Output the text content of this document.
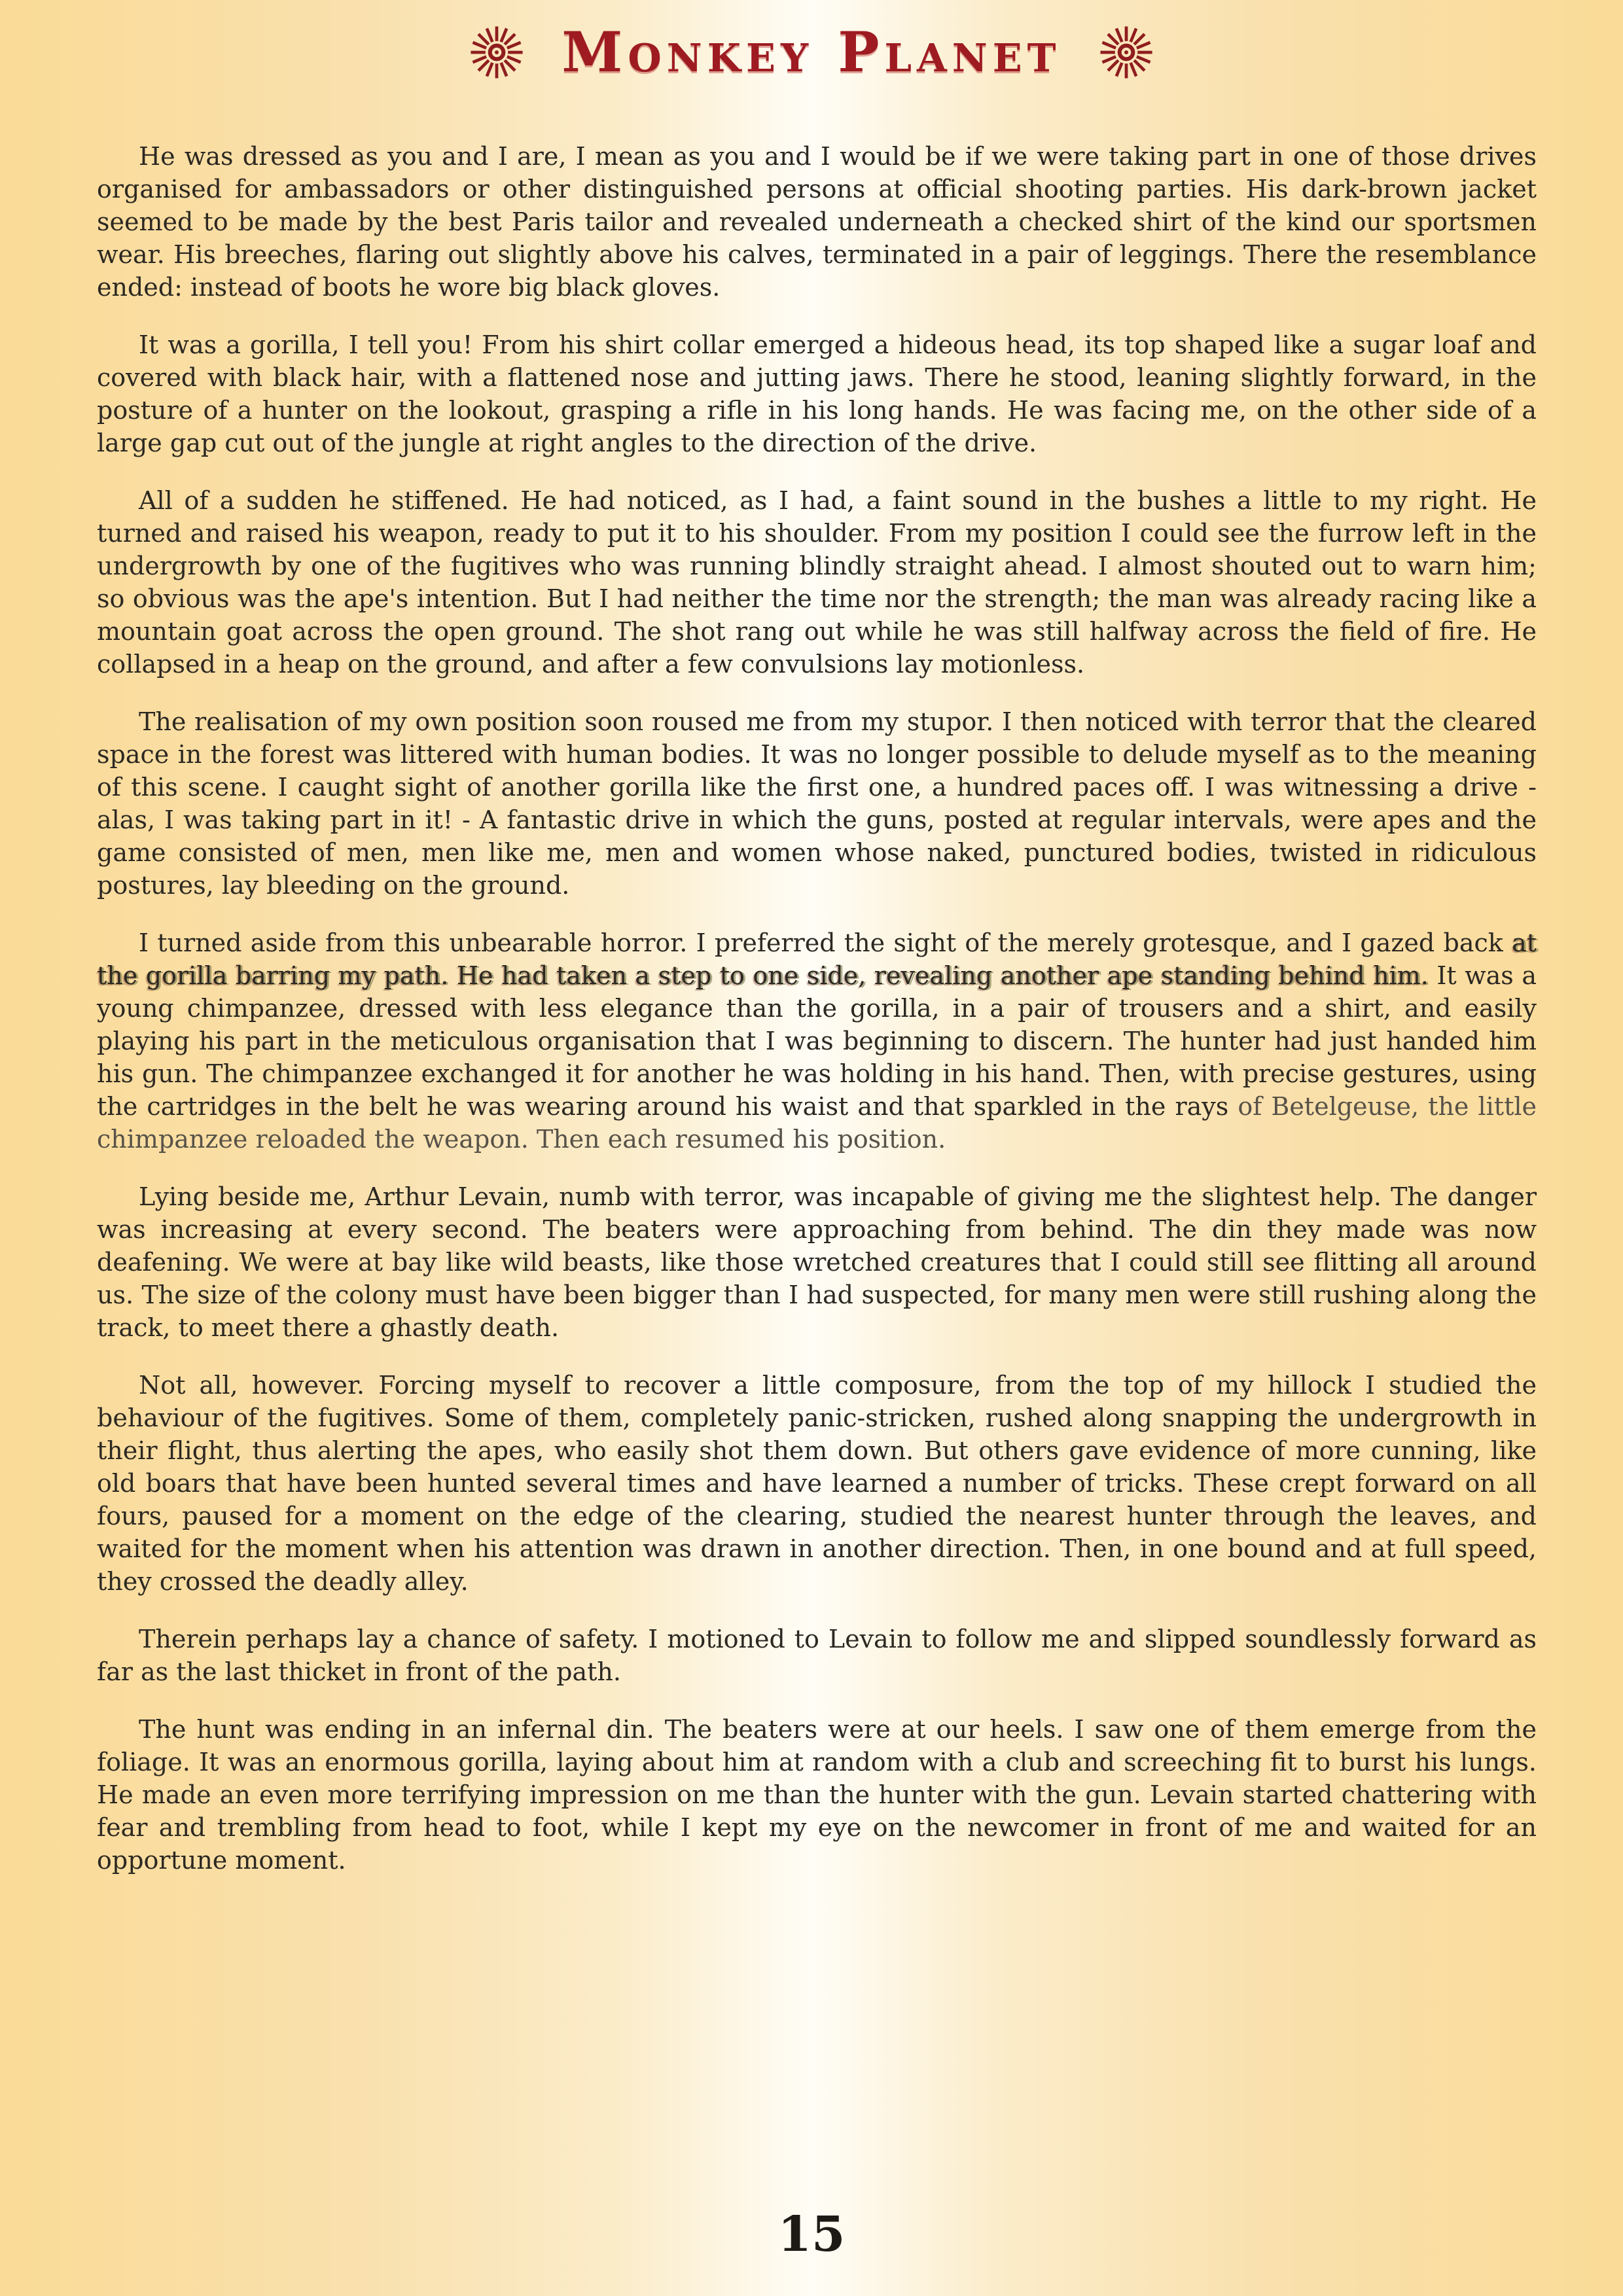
Monkey Planet

He was dressed as you and I are, I mean as you and I would be if we were taking part in one of those drives organised for ambassadors or other distinguished persons at official shooting parties. His dark-brown jacket seemed to be made by the best Paris tailor and revealed underneath a checked shirt of the kind our sportsmen wear. His breeches, flaring out slightly above his calves, terminated in a pair of leggings. There the resemblance ended: instead of boots he wore big black gloves.

It was a gorilla, I tell you! From his shirt collar emerged a hideous head, its top shaped like a sugar loaf and covered with black hair, with a flattened nose and jutting jaws. There he stood, leaning slightly forward, in the posture of a hunter on the lookout, grasping a rifle in his long hands. He was facing me, on the other side of a large gap cut out of the jungle at right angles to the direction of the drive.

All of a sudden he stiffened. He had noticed, as I had, a faint sound in the bushes a little to my right. He turned and raised his weapon, ready to put it to his shoulder. From my position I could see the furrow left in the undergrowth by one of the fugitives who was running blindly straight ahead. I almost shouted out to warn him; so obvious was the ape's intention. But I had neither the time nor the strength; the man was already racing like a mountain goat across the open ground. The shot rang out while he was still halfway across the field of fire. He collapsed in a heap on the ground, and after a few convulsions lay motionless.

The realisation of my own position soon roused me from my stupor. I then noticed with terror that the cleared space in the forest was littered with human bodies. It was no longer possible to delude myself as to the meaning of this scene. I caught sight of another gorilla like the first one, a hundred paces off. I was witnessing a drive - alas, I was taking part in it! - A fantastic drive in which the guns, posted at regular intervals, were apes and the game consisted of men, men like me, men and women whose naked, punctured bodies, twisted in ridiculous postures, lay bleeding on the ground.

I turned aside from this unbearable horror. I preferred the sight of the merely grotesque, and I gazed back at the gorilla barring my path. He had taken a step to one side, revealing another ape standing behind him. It was a young chimpanzee, dressed with less elegance than the gorilla, in a pair of trousers and a shirt, and easily playing his part in the meticulous organisation that I was beginning to discern. The hunter had just handed him his gun. The chimpanzee exchanged it for another he was holding in his hand. Then, with precise gestures, using the cartridges in the belt he was wearing around his waist and that sparkled in the rays of Betelgeuse, the little chimpanzee reloaded the weapon. Then each resumed his position.

Lying beside me, Arthur Levain, numb with terror, was incapable of giving me the slightest help. The danger was increasing at every second. The beaters were approaching from behind. The din they made was now deafening. We were at bay like wild beasts, like those wretched creatures that I could still see flitting all around us. The size of the colony must have been bigger than I had suspected, for many men were still rushing along the track, to meet there a ghastly death.

Not all, however. Forcing myself to recover a little composure, from the top of my hillock I studied the behaviour of the fugitives. Some of them, completely panic-stricken, rushed along snapping the undergrowth in their flight, thus alerting the apes, who easily shot them down. But others gave evidence of more cunning, like old boars that have been hunted several times and have learned a number of tricks. These crept forward on all fours, paused for a moment on the edge of the clearing, studied the nearest hunter through the leaves, and waited for the moment when his attention was drawn in another direction. Then, in one bound and at full speed, they crossed the deadly alley.

Therein perhaps lay a chance of safety. I motioned to Levain to follow me and slipped soundlessly forward as far as the last thicket in front of the path.

The hunt was ending in an infernal din. The beaters were at our heels. I saw one of them emerge from the foliage. It was an enormous gorilla, laying about him at random with a club and screeching fit to burst his lungs. He made an even more terrifying impression on me than the hunter with the gun. Levain started chattering with fear and trembling from head to foot, while I kept my eye on the newcomer in front of me and waited for an opportune moment.

15
